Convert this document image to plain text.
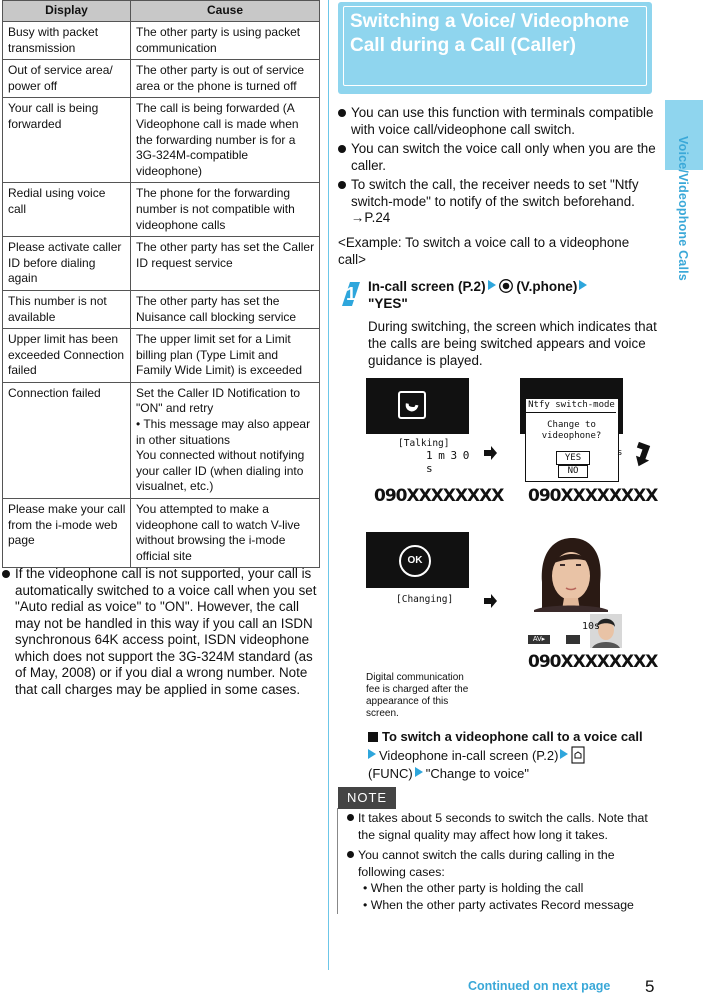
Display	Cause
Busy with packet transmission	The other party is using packet communication
Out of service area/ power off	The other party is out of service area or the phone is turned off
Your call is being forwarded	The call is being forwarded (A Videophone call is made when the forwarding number is for a 3G-324M-compatible videophone)
Redial using voice call	The phone for the forwarding number is not compatible with videophone calls
Please activate caller ID before dialing again	The other party has set the Caller ID request service
This number is not available	The other party has set the Nuisance call blocking service
Upper limit has been exceeded Connection failed	The upper limit set for a Limit billing plan (Type Limit and Family Wide Limit) is exceeded
Connection failed	Set the Caller ID Notification to "ON" and retry
• This message may also appear in other situations
You connected without notifying your caller ID (when dialing into visualnet, etc.)
Please make your call from the i-mode web page	You attempted to make a videophone call to watch V-live without browsing the i-mode official site
If the videophone call is not supported, your call is automatically switched to a voice call when you set "Auto redial as voice" to "ON". However, the call may not be handled in this way if you call an ISDN synchronous 64K access point, ISDN videophone which does not support the 3G-324M standard (as of May, 2008) or if you dial a wrong number. Note that call charges may be applied in some cases.
Switching a Voice/ Videophone Call during a Call (Caller)
You can use this function with terminals compatible with voice call/videophone call switch.
You can switch the voice call only when you are the caller.
To switch the call, the receiver needs to set "Ntfy switch-mode" to notify of the switch beforehand. →P.24
<Example: To switch a voice call to a videophone call>
1 In-call screen (P.2) (V.phone)
"YES"
During switching, the screen which indicates that the calls are being switched appears and voice guidance is played.
[Talking]
1 m 3 0 s
090XXXXXXXX
Ntfy switch-mode
Change to
videophone?
YES
NO
s
090XXXXXXXX
OK
[Changing]
Digital communication fee is charged after the appearance of this screen.
10s
AV▸
090XXXXXXXX
To switch a videophone call to a voice call
Videophone in-call screen (P.2)
(FUNC) "Change to voice"
NOTE
It takes about 5 seconds to switch the calls. Note that the signal quality may affect how long it takes.
You cannot switch the calls during calling in the following cases:
• When the other party is holding the call
• When the other party activates Record message
Voice/Videophone Calls
Continued on next page 5
